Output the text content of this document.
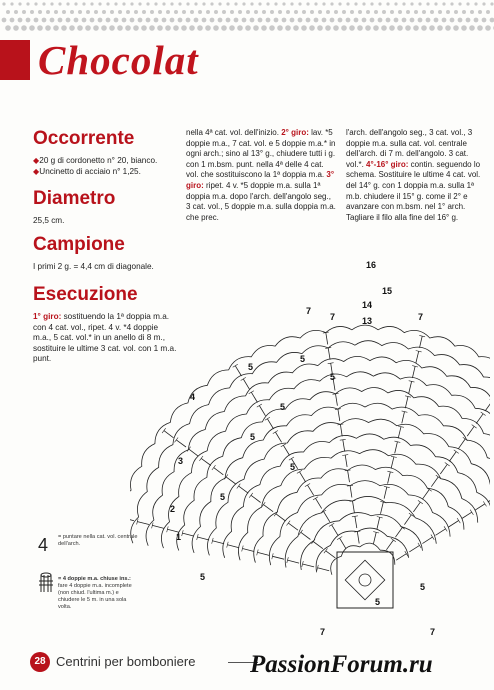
Chocolat
Occorrente
◆20 g di cordonetto n° 20, bianco.
◆Uncinetto di acciaio n° 1,25.
Diametro
25,5 cm.
Campione
I primi 2 g. = 4,4 cm di diagonale.
Esecuzione
1° giro: sostituendo la 1ª doppia m.a. con 4 cat. vol., ripet. 4 v. *4 doppie m.a., 5 cat. vol.* in un anello di 8 m., sostituire le ultime 3 cat. vol. con 1 m.a. punt.
nella 4ª cat. vol. dell'inizio. 2° giro: lav. *5 doppie m.a., 7 cat. vol. e 5 doppie m.a.* in ogni arch.; sino al 13° g., chiudere tutti i g. con 1 m.bsm. punt. nella 4ª delle 4 cat. vol. che sostituiscono la 1ª doppia m.a. 3° giro: ripet. 4 v. *5 doppie m.a. sulla 1ª doppia m.a. dopo l'arch. dell'angolo seg., 3 cat. vol., 5 doppie m.a. sulla doppia m.a. che prec.
l'arch. dell'angolo seg., 3 cat. vol., 3 doppie m.a. sulla cat. vol. centrale dell'arch. di 7 m. dell'angolo. 3 cat. vol.*. 4°-16° giro: contin. seguendo lo schema. Sostituire le ultime 4 cat. vol. del 14° g. con 1 doppia m.a. sulla 1ª m.b. chiudere il 15° g. come il 2° e avanzare con m.bsm. nel 1° arch. Tagliare il filo alla fine del 16° g.
16
15
14
13
7
5
4
3
2
1
5
5
5
5
5
5
5
5
5
7	7
7
7
4 = puntare nella cat. vol. centrale dell'arch.
= 4 doppie m.a. chiuse ins.: fare 4 doppie m.a. incomplete (non chiud. l'ultima m.) e chiudere le 5 m. in una sola volta.
28 Centrini per bomboniere PassionForum.ru
